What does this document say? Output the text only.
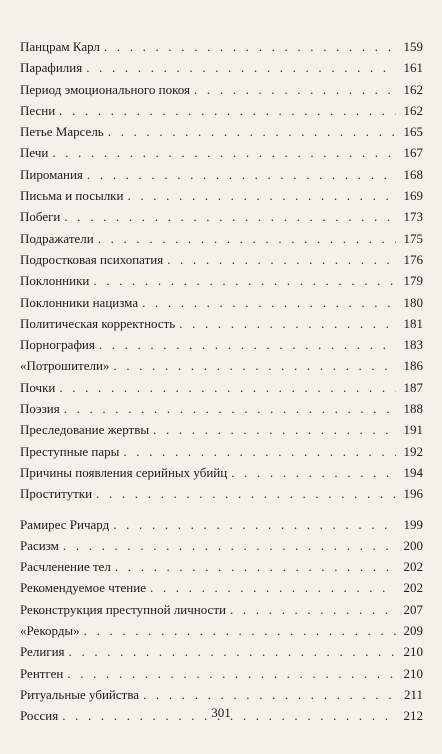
Панцрам Карл . . .	159
Парафилия . . .	161
Период эмоционального покоя . . .	162
Песни . . .	162
Петье Марсель . . .	165
Печи . . .	167
Пиромания . . .	168
Письма и посылки . . .	169
Побеги . . .	173
Подражатели . . .	175
Подростковая психопатия . . .	176
Поклонники . . .	179
Поклонники нацизма . . .	180
Политическая корректность . . .	181
Порнография . . .	183
«Потрошители» . . .	186
Почки . . .	187
Поэзия . . .	188
Преследование жертвы . . .	191
Преступные пары . . .	192
Причины появления серийных убийц . . .	194
Проститутки . . .	196
Рамирес Ричард . . .	199
Расизм . . .	200
Расчленение тел . . .	202
Рекомендуемое чтение . . .	202
Реконструкция преступной личности . . .	207
«Рекорды» . . .	209
Религия . . .	210
Рентген . . .	210
Ритуальные убийства . . .	211
Россия . . .	212
301
